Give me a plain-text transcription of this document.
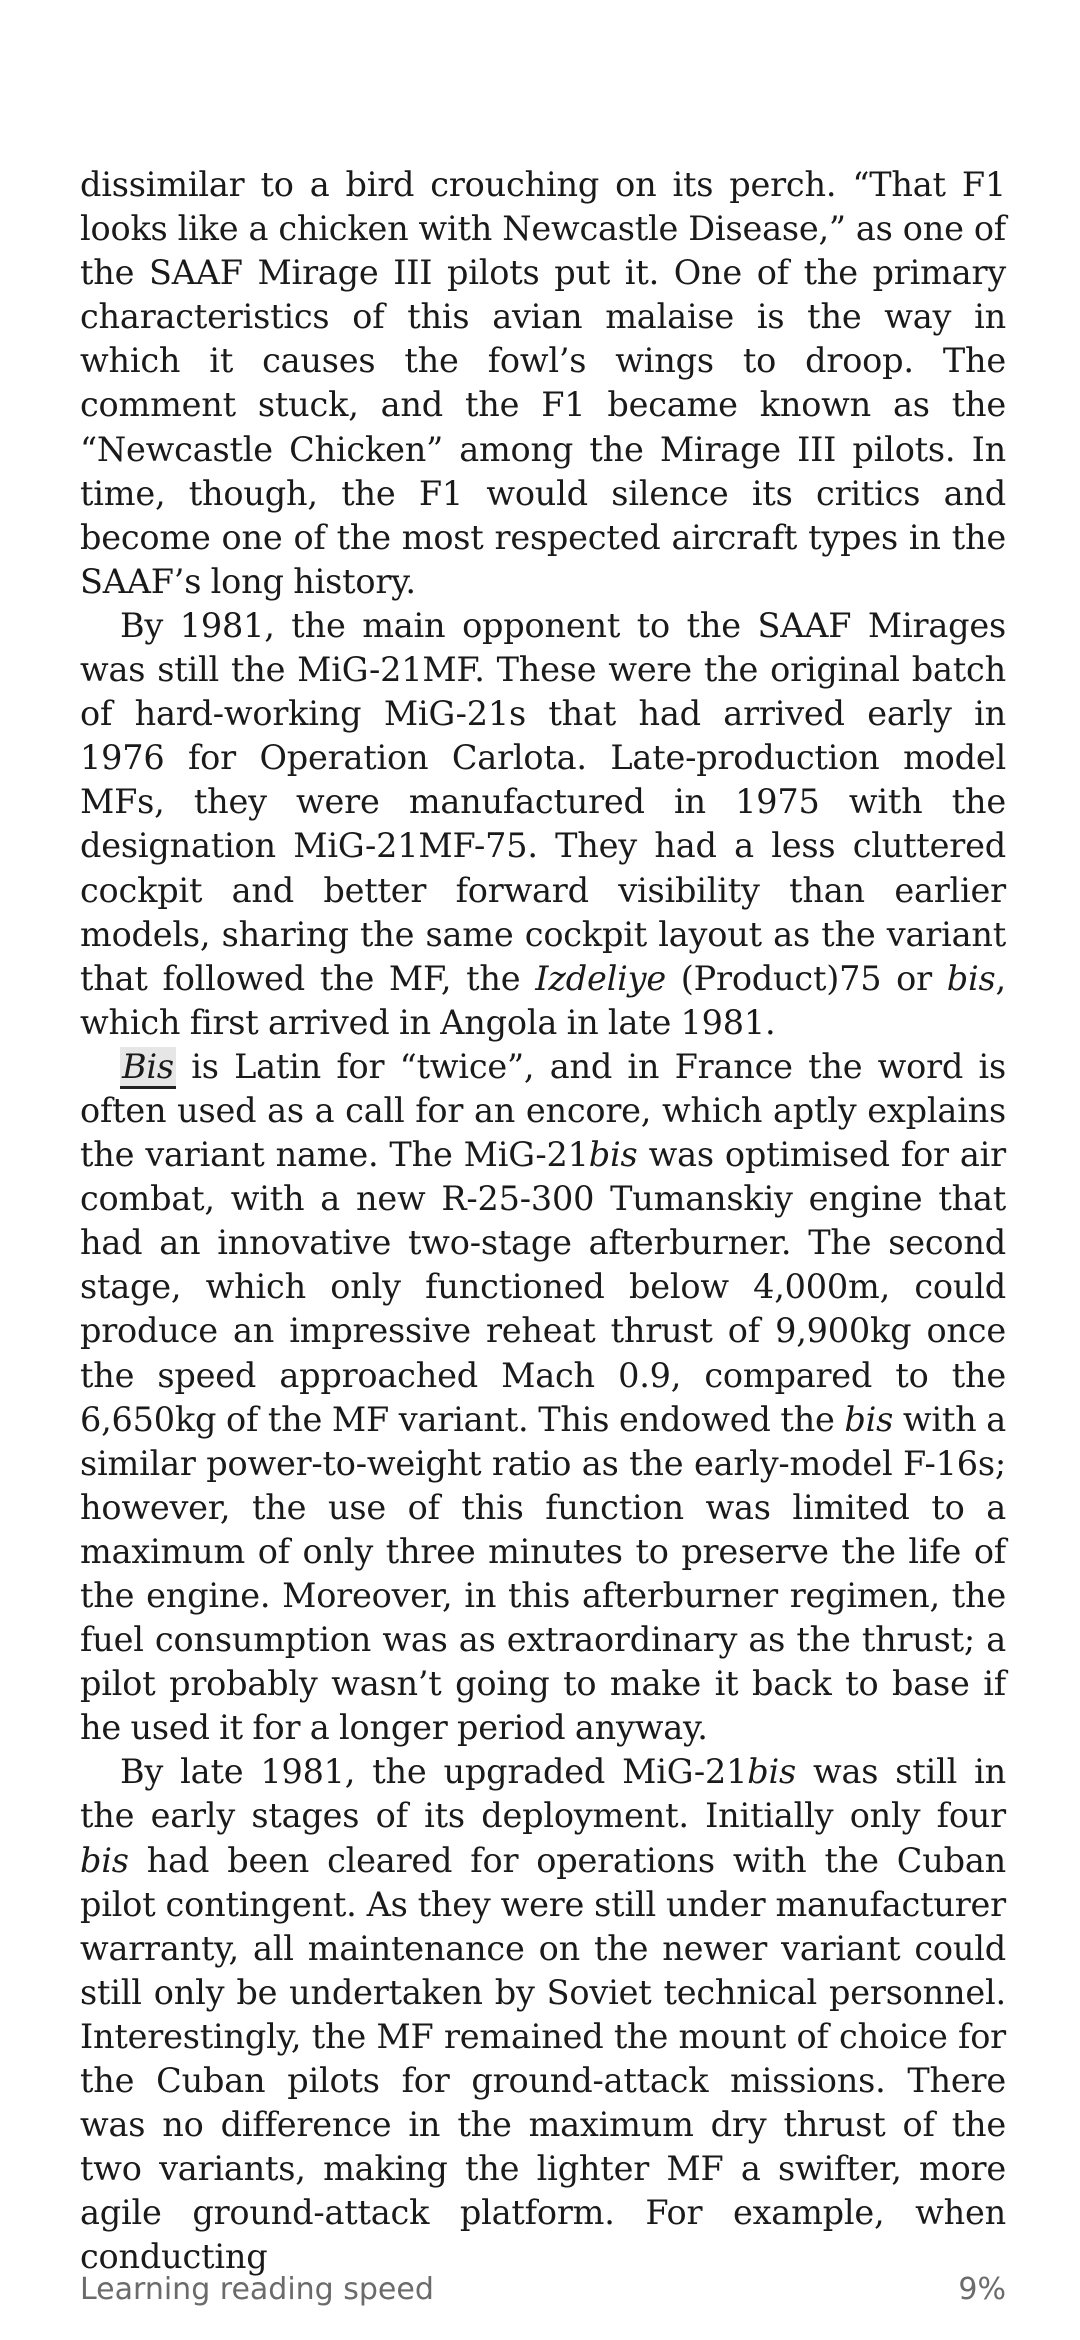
dissimilar to a bird crouching on its perch. “That F1 looks like a chicken with Newcastle Disease,” as one of the SAAF Mirage III pilots put it. One of the primary characteristics of this avian malaise is the way in which it causes the fowl’s wings to droop. The comment stuck, and the F1 became known as the “Newcastle Chicken” among the Mirage III pilots. In time, though, the F1 would silence its critics and become one of the most respected aircraft types in the SAAF’s long history.

By 1981, the main opponent to the SAAF Mirages was still the MiG-21MF. These were the original batch of hard-working MiG-21s that had arrived early in 1976 for Operation Carlota. Late-production model MFs, they were manufactured in 1975 with the designation MiG-21MF-75. They had a less cluttered cockpit and better forward visibility than earlier models, sharing the same cockpit layout as the variant that followed the MF, the Izdeliye (Product)75 or bis, which first arrived in Angola in late 1981.

Bis is Latin for “twice”, and in France the word is often used as a call for an encore, which aptly explains the variant name. The MiG-21bis was optimised for air combat, with a new R-25-300 Tumanskiy engine that had an innovative two-stage afterburner. The second stage, which only functioned below 4,000m, could produce an impressive reheat thrust of 9,900kg once the speed approached Mach 0.9, compared to the 6,650kg of the MF variant. This endowed the bis with a similar power-to-weight ratio as the early-model F-16s; however, the use of this function was limited to a maximum of only three minutes to preserve the life of the engine. Moreover, in this afterburner regimen, the fuel consumption was as extraordinary as the thrust; a pilot probably wasn’t going to make it back to base if he used it for a longer period anyway.

By late 1981, the upgraded MiG-21bis was still in the early stages of its deployment. Initially only four bis had been cleared for operations with the Cuban pilot contingent. As they were still under manufacturer warranty, all maintenance on the newer variant could still only be undertaken by Soviet technical personnel. Interestingly, the MF remained the mount of choice for the Cuban pilots for ground-attack missions. There was no difference in the maximum dry thrust of the two variants, making the lighter MF a swifter, more agile ground-attack platform. For example, when conducting

Learning reading speed	9%
